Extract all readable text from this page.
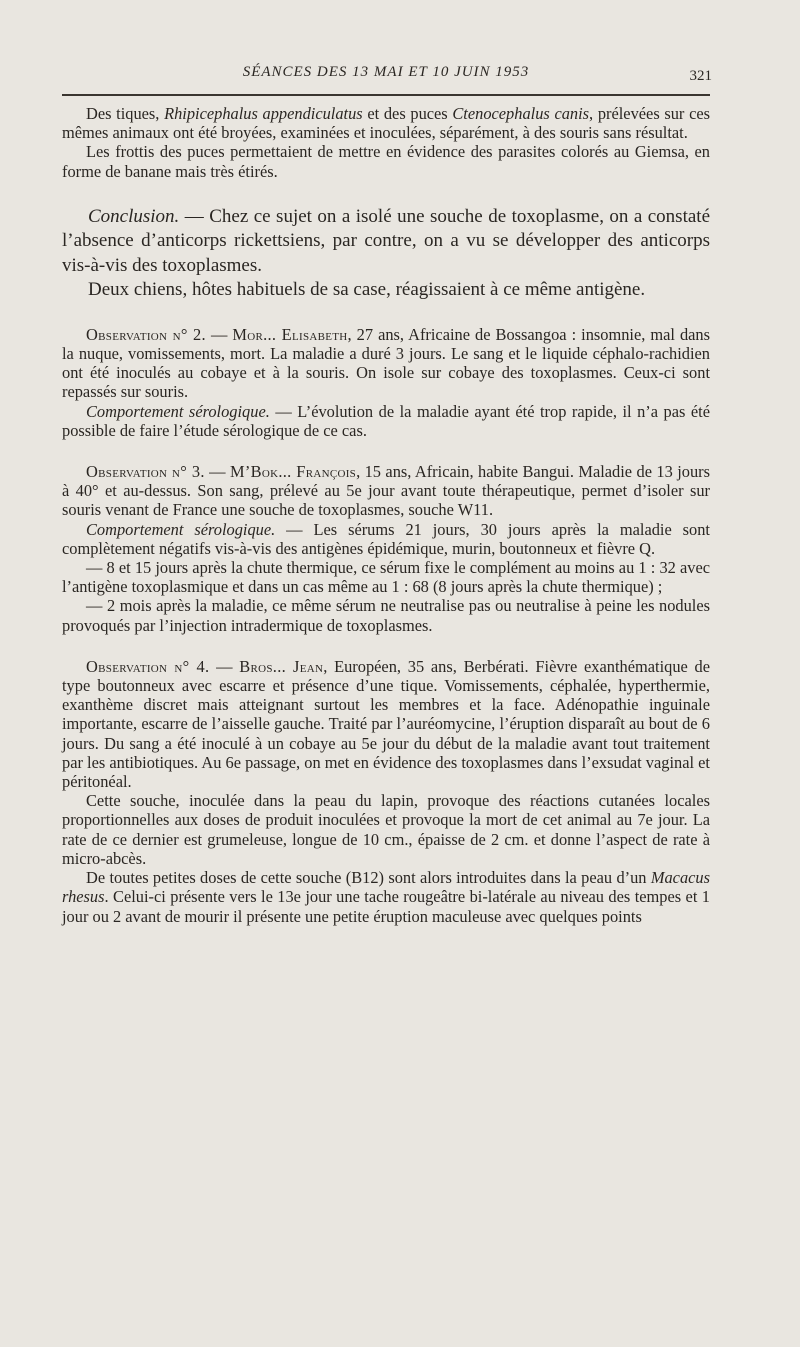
SÉANCES DES 13 MAI ET 10 JUIN 1953	321

Des tiques, Rhipicephalus appendiculatus et des puces Ctenocephalus canis, prélevées sur ces mêmes animaux ont été broyées, examinées et inoculées, séparément, à des souris sans résultat.

Les frottis des puces permettaient de mettre en évidence des parasites colorés au Giemsa, en forme de banane mais très étirés.

Conclusion. — Chez ce sujet on a isolé une souche de toxoplasme, on a constaté l’absence d’anticorps rickettsiens, par contre, on a vu se développer des anticorps vis-à-vis des toxoplasmes.

Deux chiens, hôtes habituels de sa case, réagissaient à ce même antigène.

Observation n° 2. — Mor... Elisabeth, 27 ans, Africaine de Bossangoa : insomnie, mal dans la nuque, vomissements, mort. La maladie a duré 3 jours. Le sang et le liquide céphalo-rachidien ont été inoculés au cobaye et à la souris. On isole sur cobaye des toxoplasmes. Ceux-ci sont repassés sur souris.

Comportement sérologique. — L’évolution de la maladie ayant été trop rapide, il n’a pas été possible de faire l’étude sérologique de ce cas.

Observation n° 3. — M’Bok... François, 15 ans, Africain, habite Bangui. Maladie de 13 jours à 40° et au-dessus. Son sang, prélevé au 5e jour avant toute thérapeutique, permet d’isoler sur souris venant de France une souche de toxoplasmes, souche W11.

Comportement sérologique. — Les sérums 21 jours, 30 jours après la maladie sont complètement négatifs vis-à-vis des antigènes épidémique, murin, boutonneux et fièvre Q.

— 8 et 15 jours après la chute thermique, ce sérum fixe le complément au moins au 1 : 32 avec l’antigène toxoplasmique et dans un cas même au 1 : 68 (8 jours après la chute thermique) ;

— 2 mois après la maladie, ce même sérum ne neutralise pas ou neutralise à peine les nodules provoqués par l’injection intradermique de toxoplasmes.

Observation n° 4. — Bros... Jean, Européen, 35 ans, Berbérati. Fièvre exanthématique de type boutonneux avec escarre et présence d’une tique. Vomissements, céphalée, hyperthermie, exanthème discret mais atteignant surtout les membres et la face. Adénopathie inguinale importante, escarre de l’aisselle gauche. Traité par l’auréomycine, l’éruption disparaît au bout de 6 jours. Du sang a été inoculé à un cobaye au 5e jour du début de la maladie avant tout traitement par les antibiotiques. Au 6e passage, on met en évidence des toxoplasmes dans l’exsudat vaginal et péritonéal.

Cette souche, inoculée dans la peau du lapin, provoque des réactions cutanées locales proportionnelles aux doses de produit inoculées et provoque la mort de cet animal au 7e jour. La rate de ce dernier est grumeleuse, longue de 10 cm., épaisse de 2 cm. et donne l’aspect de rate à micro-abcès.

De toutes petites doses de cette souche (B12) sont alors introduites dans la peau d’un Macacus rhesus. Celui-ci présente vers le 13e jour une tache rougeâtre bi-latérale au niveau des tempes et 1 jour ou 2 avant de mourir il présente une petite éruption maculeuse avec quelques points
